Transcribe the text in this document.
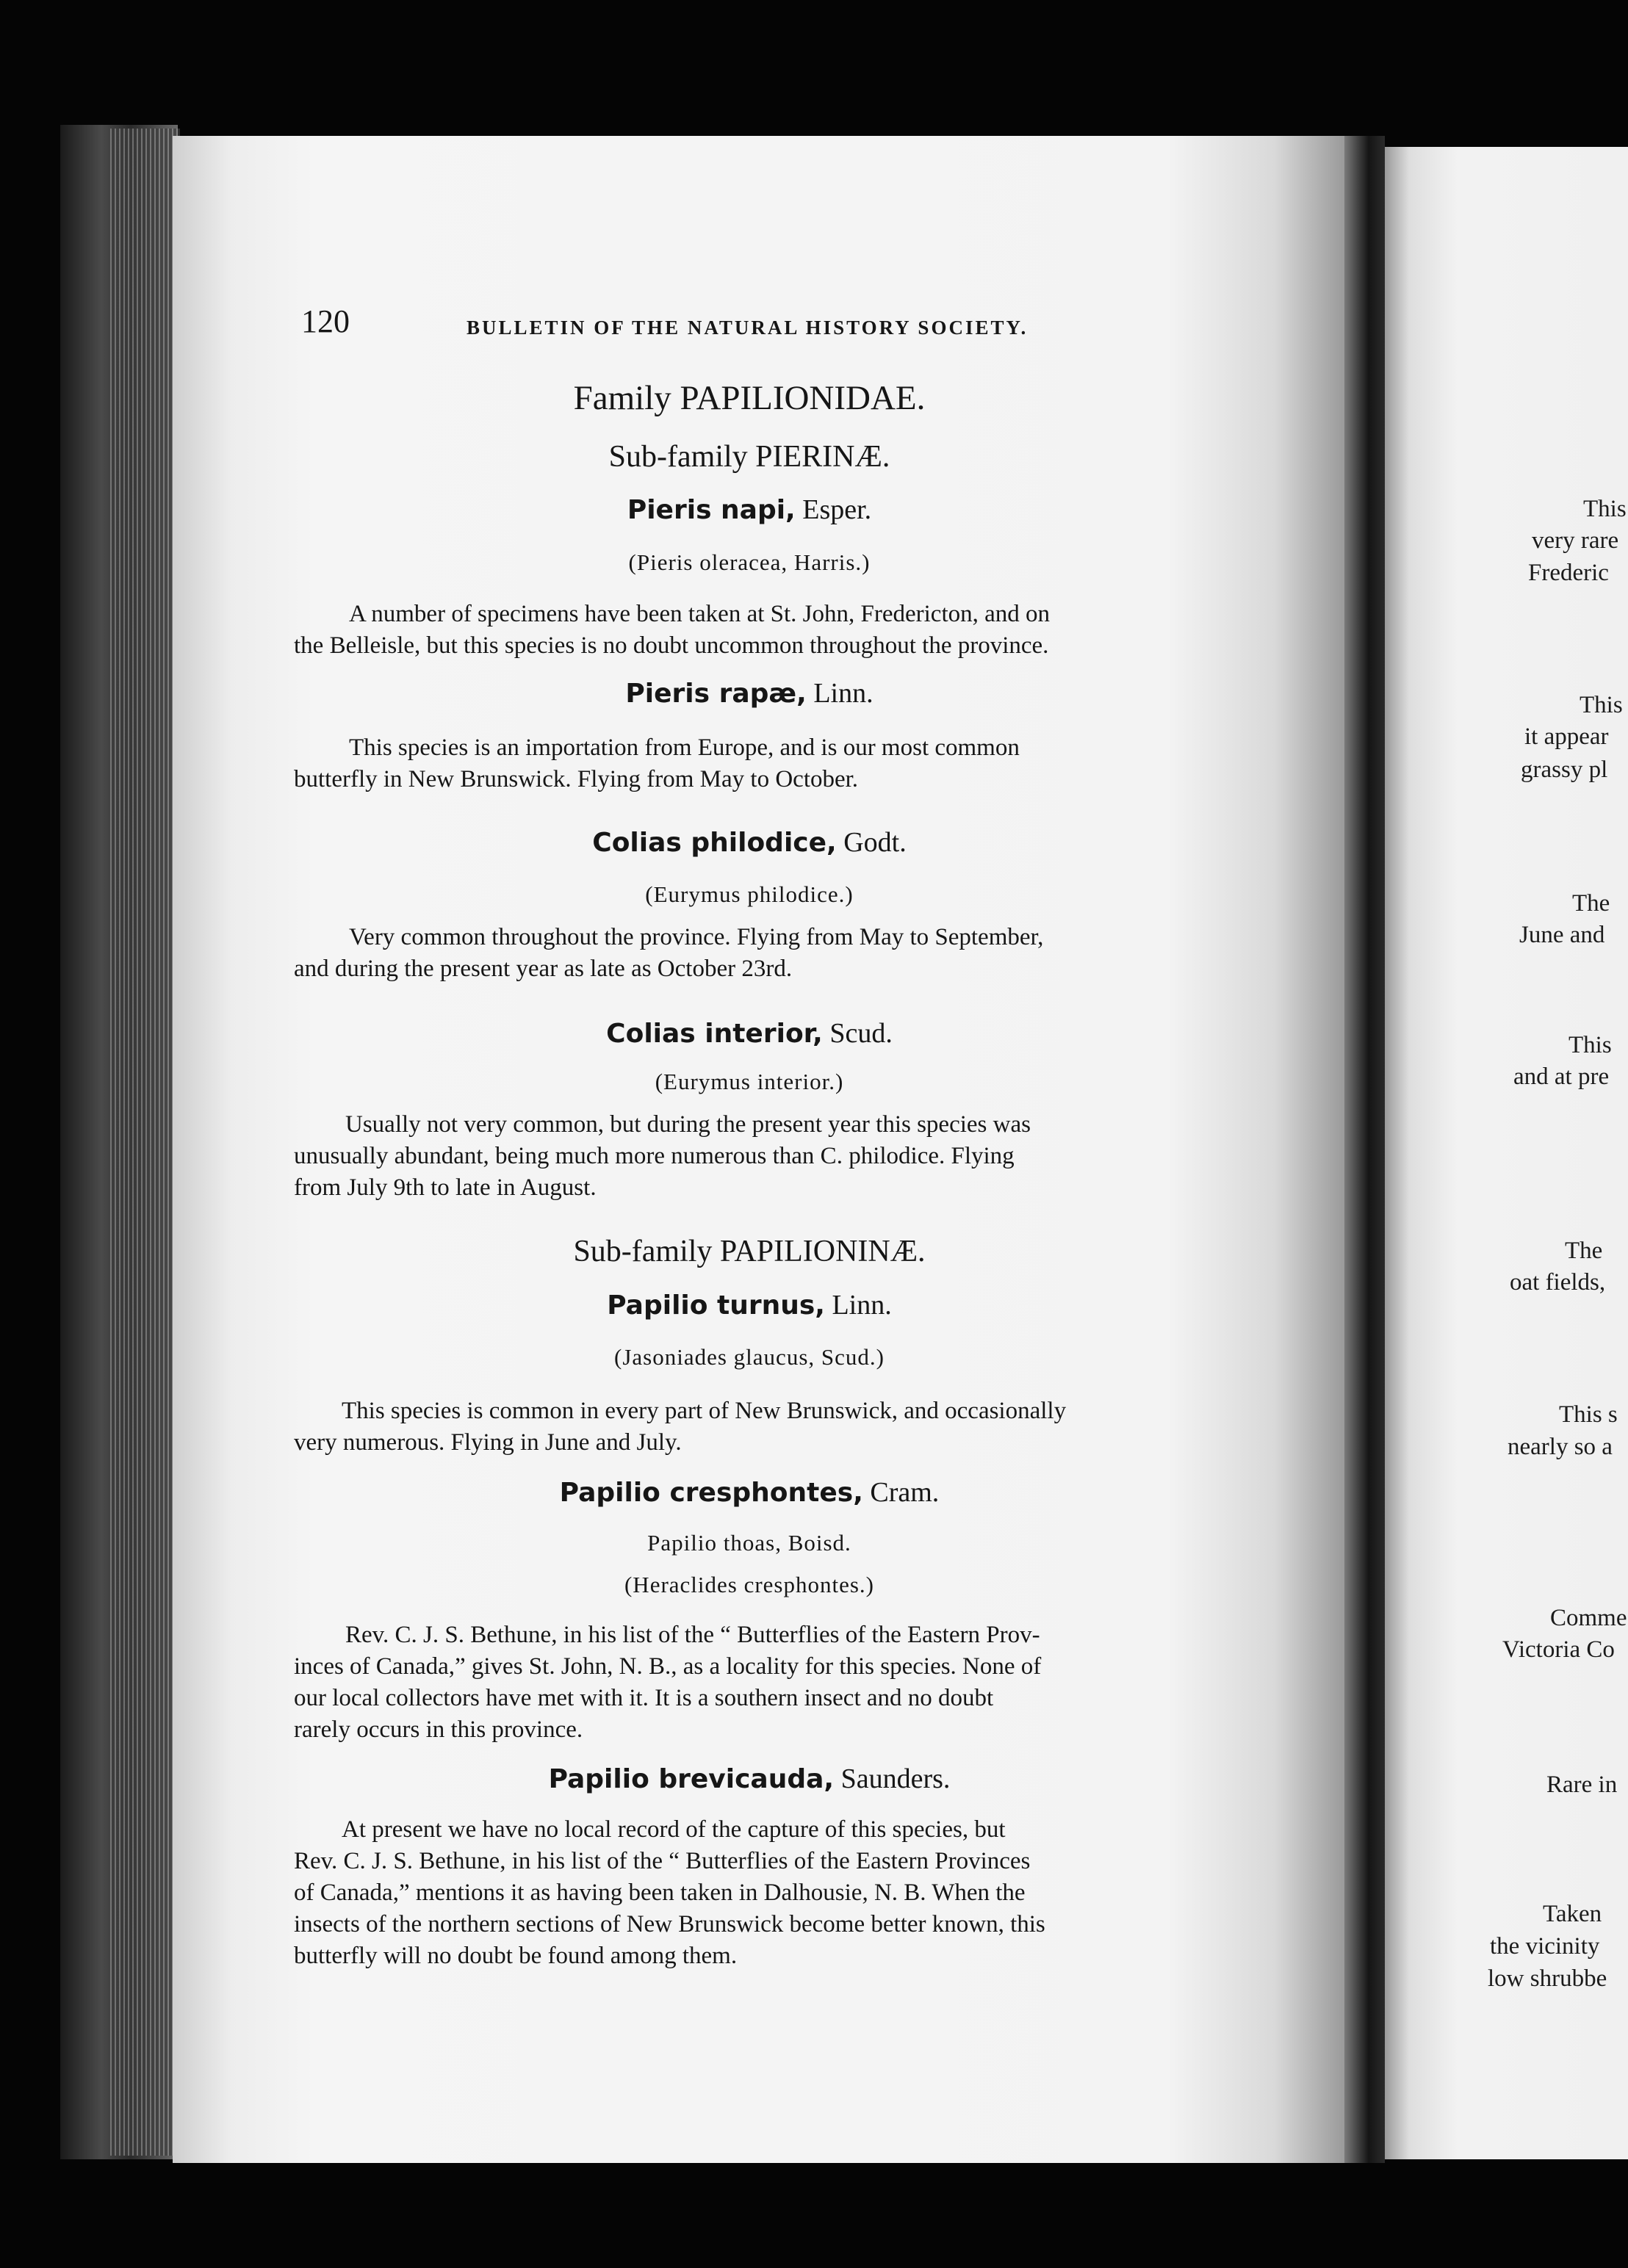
120	BULLETIN OF THE NATURAL HISTORY SOCIETY.
Family PAPILIONIDAE.
Sub-family PIERINÆ.
Pieris napi, Esper.
(Pieris oleracea, Harris.)
A number of specimens have been taken at St. John, Fredericton, and on
the Belleisle, but this species is no doubt uncommon throughout the province.
Pieris rapæ, Linn.
This species is an importation from Europe, and is our most common
butterfly in New Brunswick. Flying from May to October.
Colias philodice, Godt.
(Eurymus philodice.)
Very common throughout the province. Flying from May to September,
and during the present year as late as October 23rd.
Colias interior, Scud.
(Eurymus interior.)
Usually not very common, but during the present year this species was
unusually abundant, being much more numerous than C. philodice. Flying
from July 9th to late in August.
Sub-family PAPILIONINÆ.
Papilio turnus, Linn.
(Jasoniades glaucus, Scud.)
This species is common in every part of New Brunswick, and occasionally
very numerous. Flying in June and July.
Papilio cresphontes, Cram.
Papilio thoas, Boisd.
(Heraclides cresphontes.)
Rev. C. J. S. Bethune, in his list of the “ Butterflies of the Eastern Prov-
inces of Canada,” gives St. John, N. B., as a locality for this species. None of
our local collectors have met with it. It is a southern insect and no doubt
rarely occurs in this province.
Papilio brevicauda, Saunders.
At present we have no local record of the capture of this species, but
Rev. C. J. S. Bethune, in his list of the “ Butterflies of the Eastern Provinces
of Canada,” mentions it as having been taken in Dalhousie, N. B. When the
insects of the northern sections of New Brunswick become better known, this
butterfly will no doubt be found among them.
This
very rare
Frederic
This
it appear
grassy pl
The
June and
This
and at pre
The
oat fields,
This s
nearly so a
Comme
Victoria Co
Rare in
Taken
the vicinity
low shrubbe
